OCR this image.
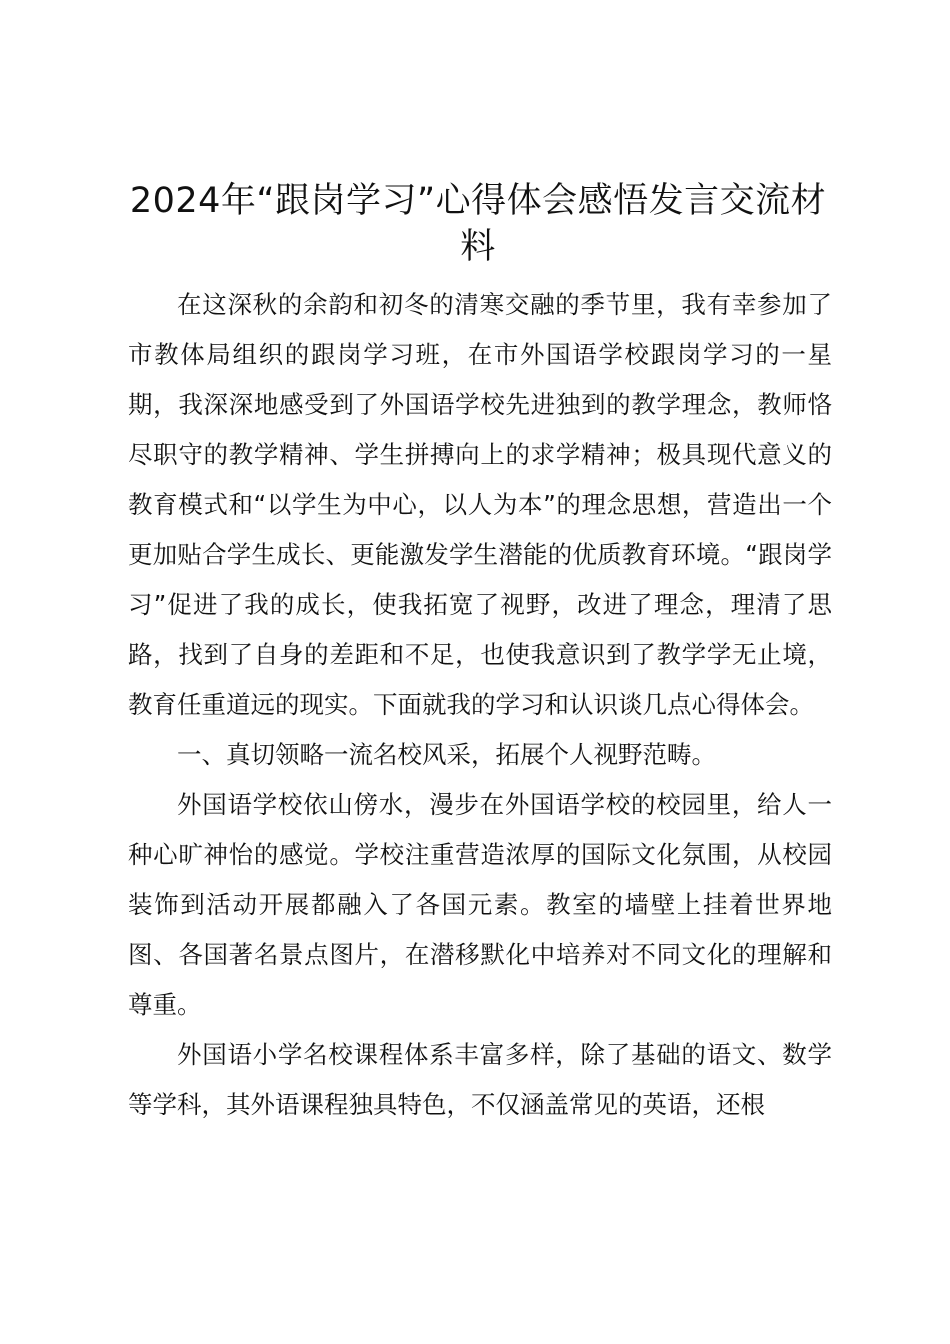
2024年“跟岗学习”心得体会感悟发言交流材料

在这深秋的余韵和初冬的清寒交融的季节里，我有幸参加了市教体局组织的跟岗学习班，在市外国语学校跟岗学习的一星期，我深深地感受到了外国语学校先进独到的教学理念，教师恪尽职守的教学精神、学生拼搏向上的求学精神；极具现代意义的教育模式和“以学生为中心，以人为本”的理念思想，营造出一个更加贴合学生成长、更能激发学生潜能的优质教育环境。“跟岗学习”促进了我的成长，使我拓宽了视野，改进了理念，理清了思路，找到了自身的差距和不足，也使我意识到了教学学无止境，教育任重道远的现实。下面就我的学习和认识谈几点心得体会。

一、真切领略一流名校风采，拓展个人视野范畴。

外国语学校依山傍水，漫步在外国语学校的校园里，给人一种心旷神怡的感觉。学校注重营造浓厚的国际文化氛围，从校园装饰到活动开展都融入了各国元素。教室的墙壁上挂着世界地图、各国著名景点图片，在潜移默化中培养对不同文化的理解和尊重。

外国语小学名校课程体系丰富多样，除了基础的语文、数学等学科，其外语课程独具特色，不仅涵盖常见的英语，还根
